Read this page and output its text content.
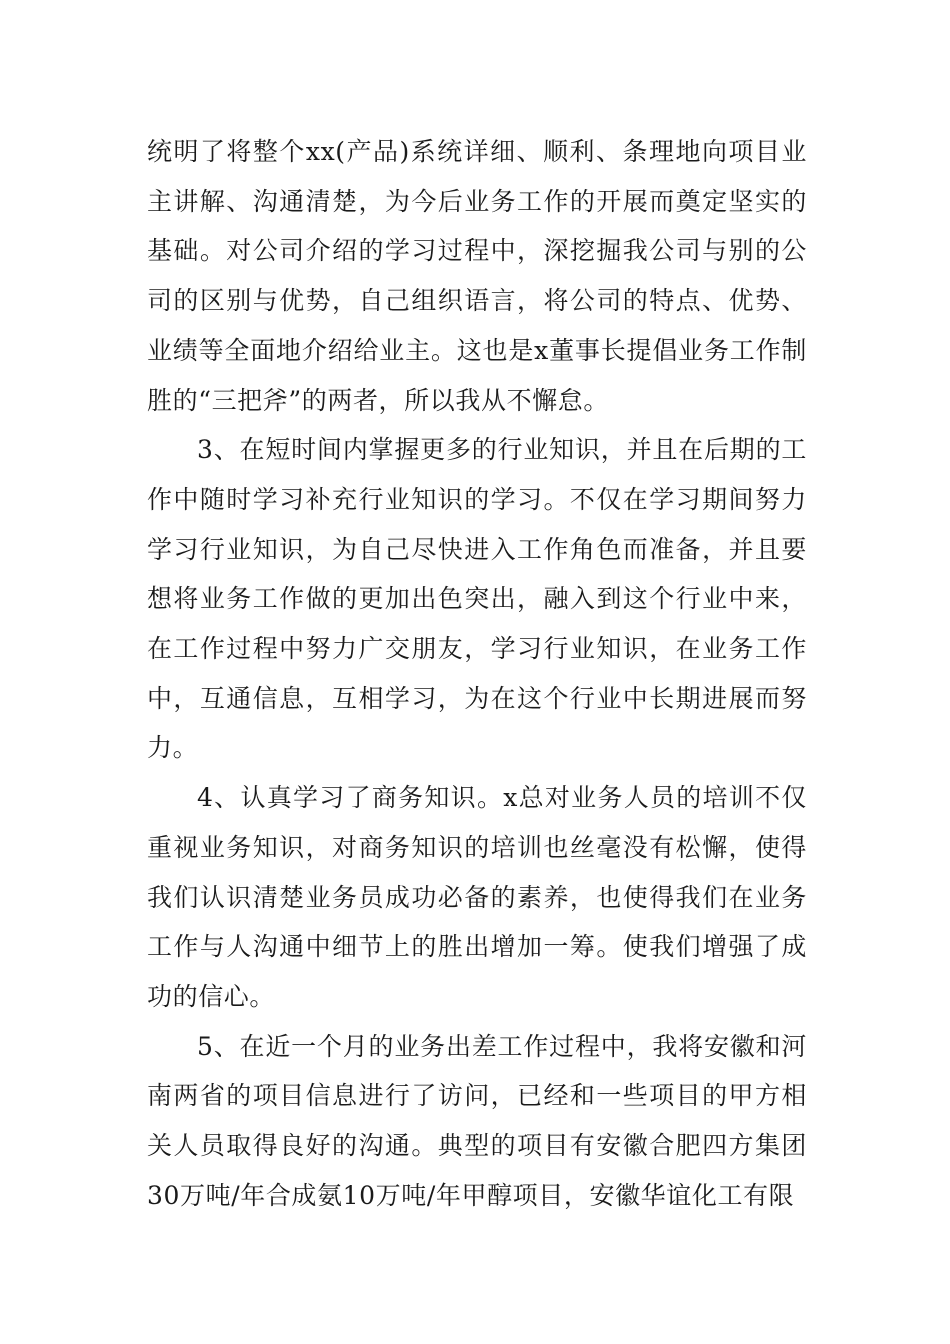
统明了将整个xx(产品)系统详细、顺利、条理地向项目业主讲解、沟通清楚，为今后业务工作的开展而奠定坚实的基础。对公司介绍的学习过程中，深挖掘我公司与别的公司的区别与优势，自己组织语言，将公司的特点、优势、业绩等全面地介绍给业主。这也是x董事长提倡业务工作制胜的“三把斧”的两者，所以我从不懈怠。

3、在短时间内掌握更多的行业知识，并且在后期的工作中随时学习补充行业知识的学习。不仅在学习期间努力学习行业知识，为自己尽快进入工作角色而准备，并且要想将业务工作做的更加出色突出，融入到这个行业中来，在工作过程中努力广交朋友，学习行业知识，在业务工作中，互通信息，互相学习，为在这个行业中长期进展而努力。

4、认真学习了商务知识。x总对业务人员的培训不仅重视业务知识，对商务知识的培训也丝毫没有松懈，使得我们认识清楚业务员成功必备的素养，也使得我们在业务工作与人沟通中细节上的胜出增加一筹。使我们增强了成功的信心。

5、在近一个月的业务出差工作过程中，我将安徽和河南两省的项目信息进行了访问，已经和一些项目的甲方相关人员取得良好的沟通。典型的项目有安徽合肥四方集团30万吨/年合成氨10万吨/年甲醇项目，安徽华谊化工有限
